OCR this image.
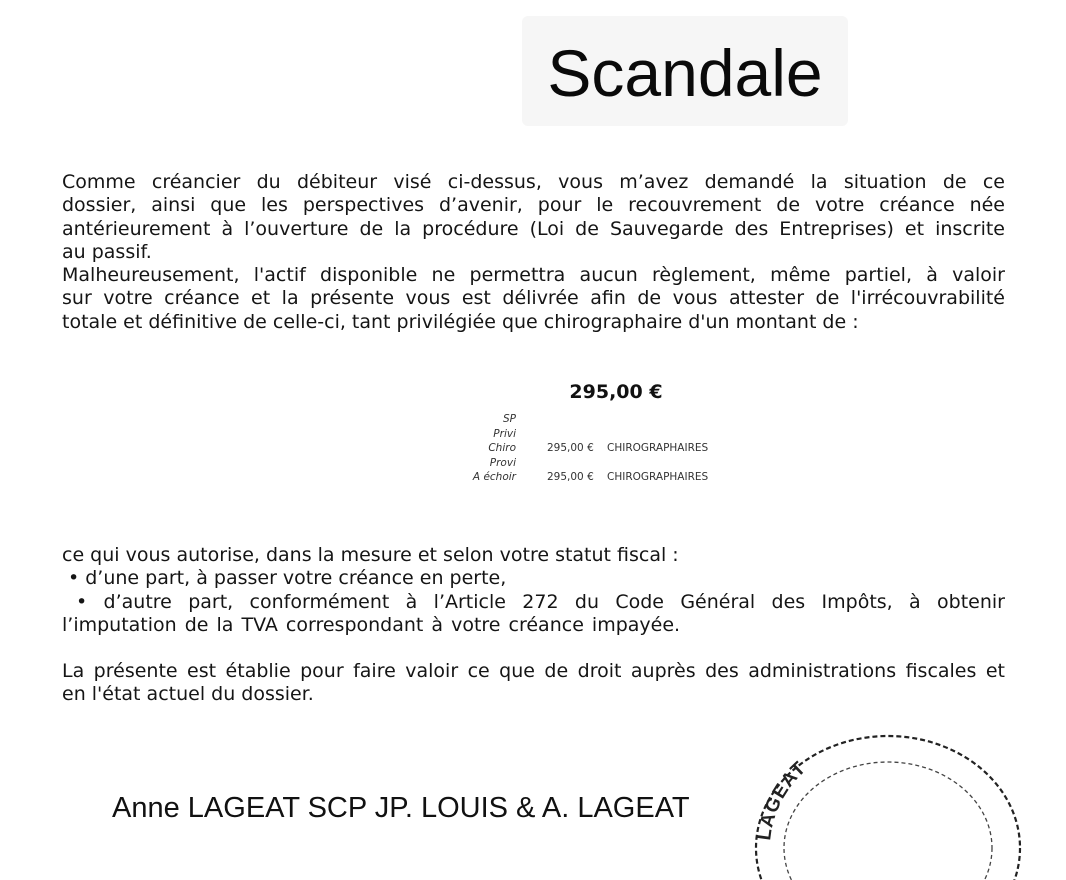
Scandale
Comme créancier du débiteur visé ci-dessus, vous m’avez demandé la situation de ce
dossier, ainsi que les perspectives d’avenir, pour le recouvrement de votre créance née
antérieurement à l’ouverture de la procédure (Loi de Sauvegarde des Entreprises) et inscrite
au passif.
Malheureusement, l'actif disponible ne permettra aucun règlement, même partiel, à valoir
sur votre créance et la présente vous est délivrée afin de vous attester de l'irrécouvrabilité
totale et définitive de celle-ci, tant privilégiée que chirographaire d'un montant de :
295,00 €
SP
Privi
Chiro	295,00 € CHIROGRAPHAIRES
Provi
A échoir	295,00 € CHIROGRAPHAIRES
ce qui vous autorise, dans la mesure et selon votre statut fiscal :
• d’une part, à passer votre créance en perte,
• d’autre part, conformément à l’Article 272 du Code Général des Impôts, à obtenir
l’imputation de la TVA correspondant à votre créance impayée.
La présente est établie pour faire valoir ce que de droit auprès des administrations fiscales et
en l'état actuel du dossier.
Anne LAGEAT SCP JP. LOUIS & A. LAGEAT
LAGEAT
